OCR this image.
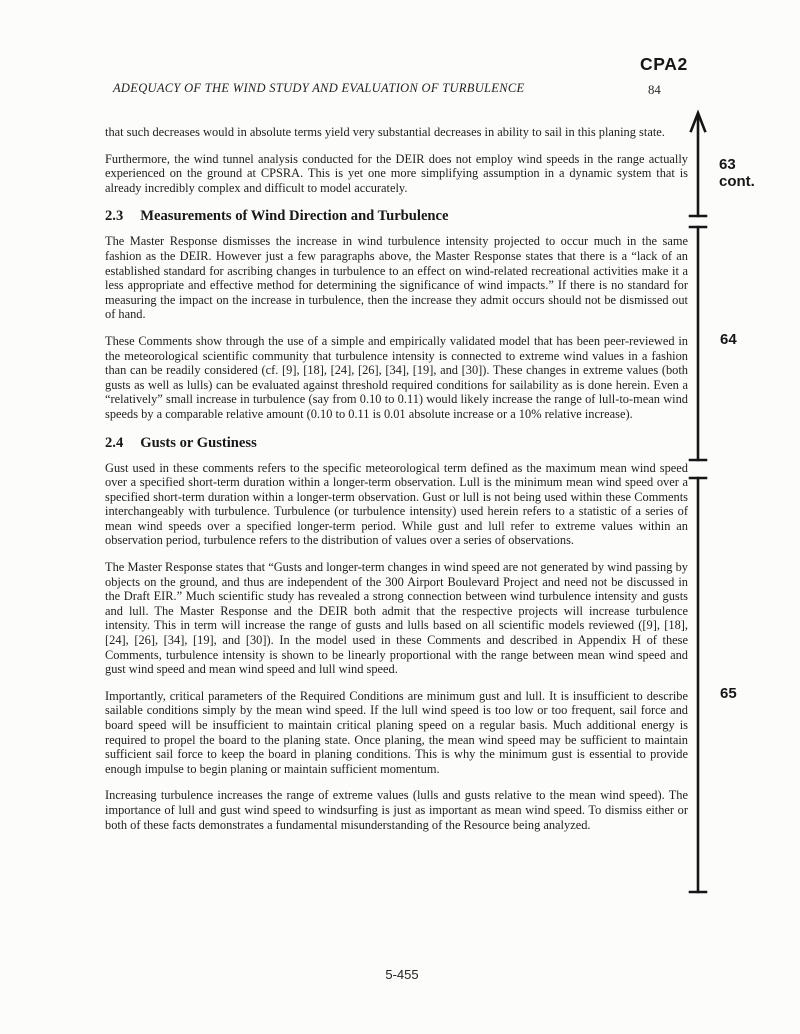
CPA2
ADEQUACY OF THE WIND STUDY AND EVALUATION OF TURBULENCE	84

that such decreases would in absolute terms yield very substantial decreases in ability to sail in this planing state.

Furthermore, the wind tunnel analysis conducted for the DEIR does not employ wind speeds in the range actually experienced on the ground at CPSRA. This is yet one more simplifying assumption in a dynamic system that is already incredibly complex and difficult to model accurately.

2.3 Measurements of Wind Direction and Turbulence

The Master Response dismisses the increase in wind turbulence intensity projected to occur much in the same fashion as the DEIR. However just a few paragraphs above, the Master Response states that there is a “lack of an established standard for ascribing changes in turbulence to an effect on wind-related recreational activities make it a less appropriate and effective method for determining the significance of wind impacts.” If there is no standard for measuring the impact on the increase in turbulence, then the increase they admit occurs should not be dismissed out of hand.

These Comments show through the use of a simple and empirically validated model that has been peer-reviewed in the meteorological scientific community that turbulence intensity is connected to extreme wind values in a fashion than can be readily considered (cf. [9], [18], [24], [26], [34], [19], and [30]). These changes in extreme values (both gusts as well as lulls) can be evaluated against threshold required conditions for sailability as is done herein. Even a “relatively” small increase in turbulence (say from 0.10 to 0.11) would likely increase the range of lull-to-mean wind speeds by a comparable relative amount (0.10 to 0.11 is 0.01 absolute increase or a 10% relative increase).

2.4 Gusts or Gustiness

Gust used in these comments refers to the specific meteorological term defined as the maximum mean wind speed over a specified short-term duration within a longer-term observation. Lull is the minimum mean wind speed over a specified short-term duration within a longer-term observation. Gust or lull is not being used within these Comments interchangeably with turbulence. Turbulence (or turbulence intensity) used herein refers to a statistic of a series of mean wind speeds over a specified longer-term period. While gust and lull refer to extreme values within an observation period, turbulence refers to the distribution of values over a series of observations.

The Master Response states that “Gusts and longer-term changes in wind speed are not generated by wind passing by objects on the ground, and thus are independent of the 300 Airport Boulevard Project and need not be discussed in the Draft EIR.” Much scientific study has revealed a strong connection between wind turbulence intensity and gusts and lull. The Master Response and the DEIR both admit that the respective projects will increase turbulence intensity. This in term will increase the range of gusts and lulls based on all scientific models reviewed ([9], [18], [24], [26], [34], [19], and [30]). In the model used in these Comments and described in Appendix H of these Comments, turbulence intensity is shown to be linearly proportional with the range between mean wind speed and gust wind speed and mean wind speed and lull wind speed.

Importantly, critical parameters of the Required Conditions are minimum gust and lull. It is insufficient to describe sailable conditions simply by the mean wind speed. If the lull wind speed is too low or too frequent, sail force and board speed will be insufficient to maintain critical planing speed on a regular basis. Much additional energy is required to propel the board to the planing state. Once planing, the mean wind speed may be sufficient to maintain sufficient sail force to keep the board in planing conditions. This is why the minimum gust is essential to provide enough impulse to begin planing or maintain sufficient momentum.

Increasing turbulence increases the range of extreme values (lulls and gusts relative to the mean wind speed). The importance of lull and gust wind speed to windsurfing is just as important as mean wind speed. To dismiss either or both of these facts demonstrates a fundamental misunderstanding of the Resource being analyzed.

63
cont.
64
65
5-455
